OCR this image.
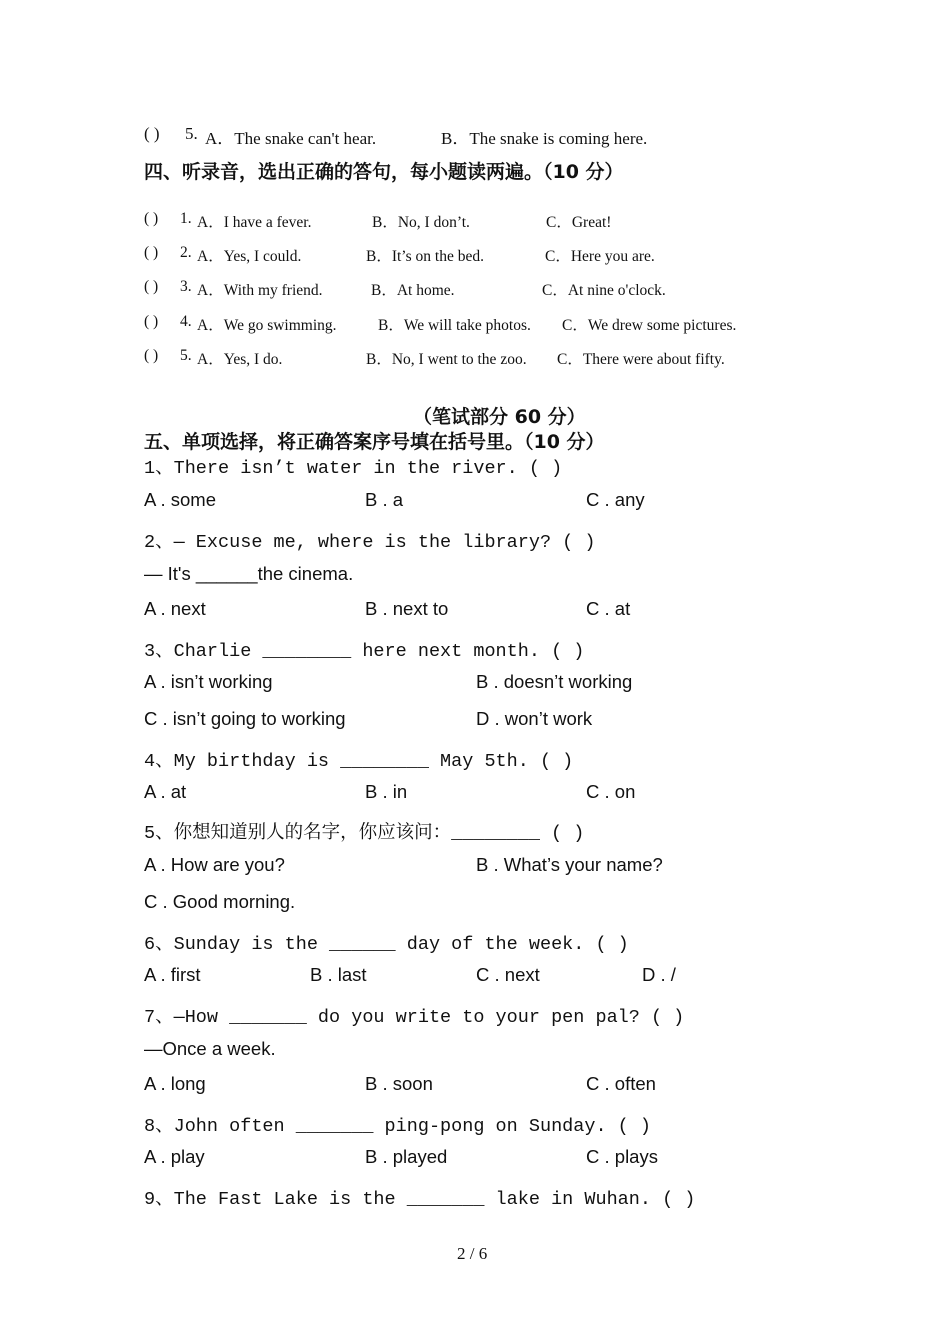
( ) 5. A．The snake can't hear.	B．The snake is coming here.
四、听录音，选出正确的答句，每小题读两遍。（10 分）
( ) 1. A．I have a fever.	B．No, I don’t.	C．Great!
( ) 2. A．Yes, I could.	B．It’s on the bed.	C．Here you are.
( ) 3. A．With my friend.	B．At home.	C．At nine o'clock.
( ) 4. A．We go swimming.	B．We will take photos. C．We drew some pictures.
( ) 5. A．Yes, I do.	B．No, I went to the zoo. C．There were about fifty.
（笔试部分 60 分）
五、单项选择，将正确答案序号填在括号里。（10 分）
1、There isn’t water in the river. ( )
A . some	B . a	C . any
2、— Excuse me, where is the library? ( )
— It's ______the cinema.
A . next	B . next to	C . at
3、Charlie ________ here next month. ( )
A . isn’t working	B . doesn’t working
C . isn’t going to working	D . won’t work
4、My birthday is ________ May 5th. ( )
A . at	B . in	C . on
5、你想知道别人的名字，你应该问：________ ( )
A . How are you?	B . What’s your name?
C . Good morning.
6、Sunday is the ______ day of the week. ( )
A . first	B . last	C . next	D . /
7、—How _______ do you write to your pen pal? ( )
—Once a week.
A . long	B . soon	C . often
8、John often _______ ping-pong on Sunday. ( )
A . play	B . played	C . plays
9、The Fast Lake is the _______ lake in Wuhan. ( )
2 / 6
